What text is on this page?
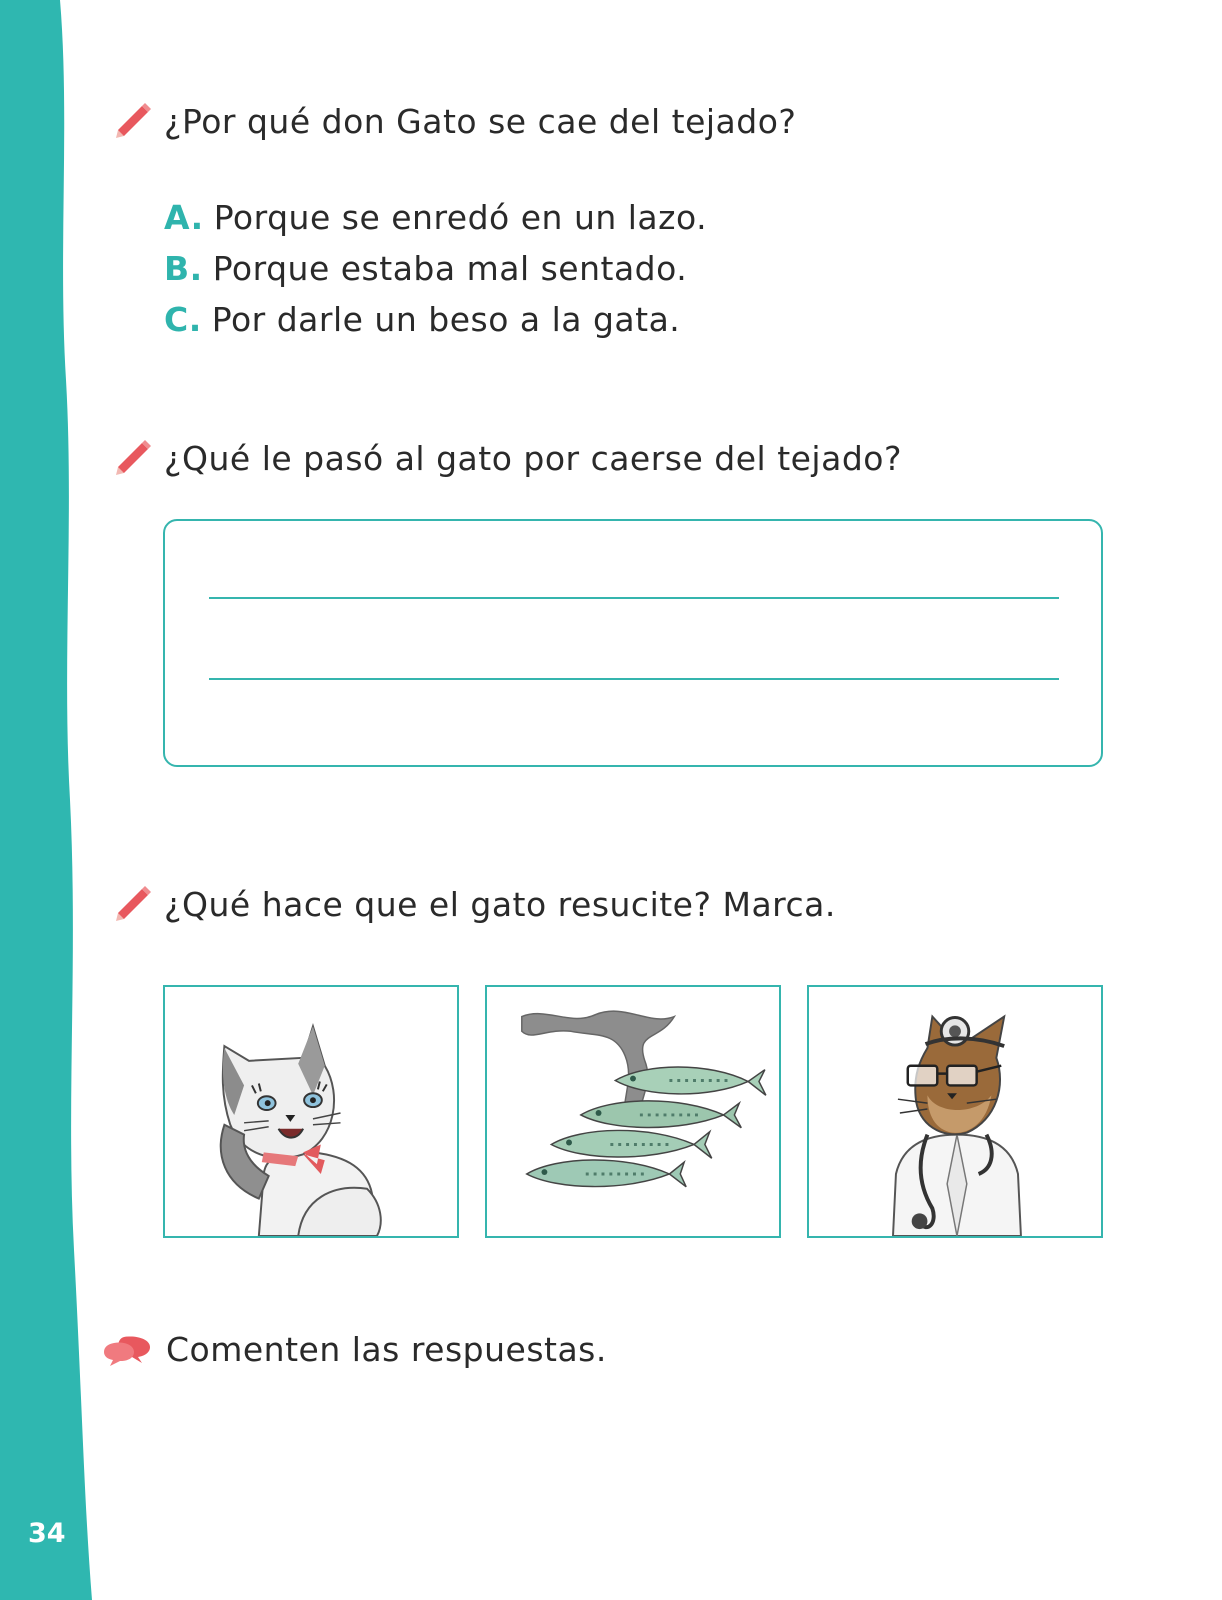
34
¿Por qué don Gato se cae del tejado?
A. Porque se enredó en un lazo.
B. Porque estaba mal sentado.
C. Por darle un beso a la gata.
¿Qué le pasó al gato por caerse del tejado?
¿Qué hace que el gato resucite? Marca.
Comenten las respuestas.
